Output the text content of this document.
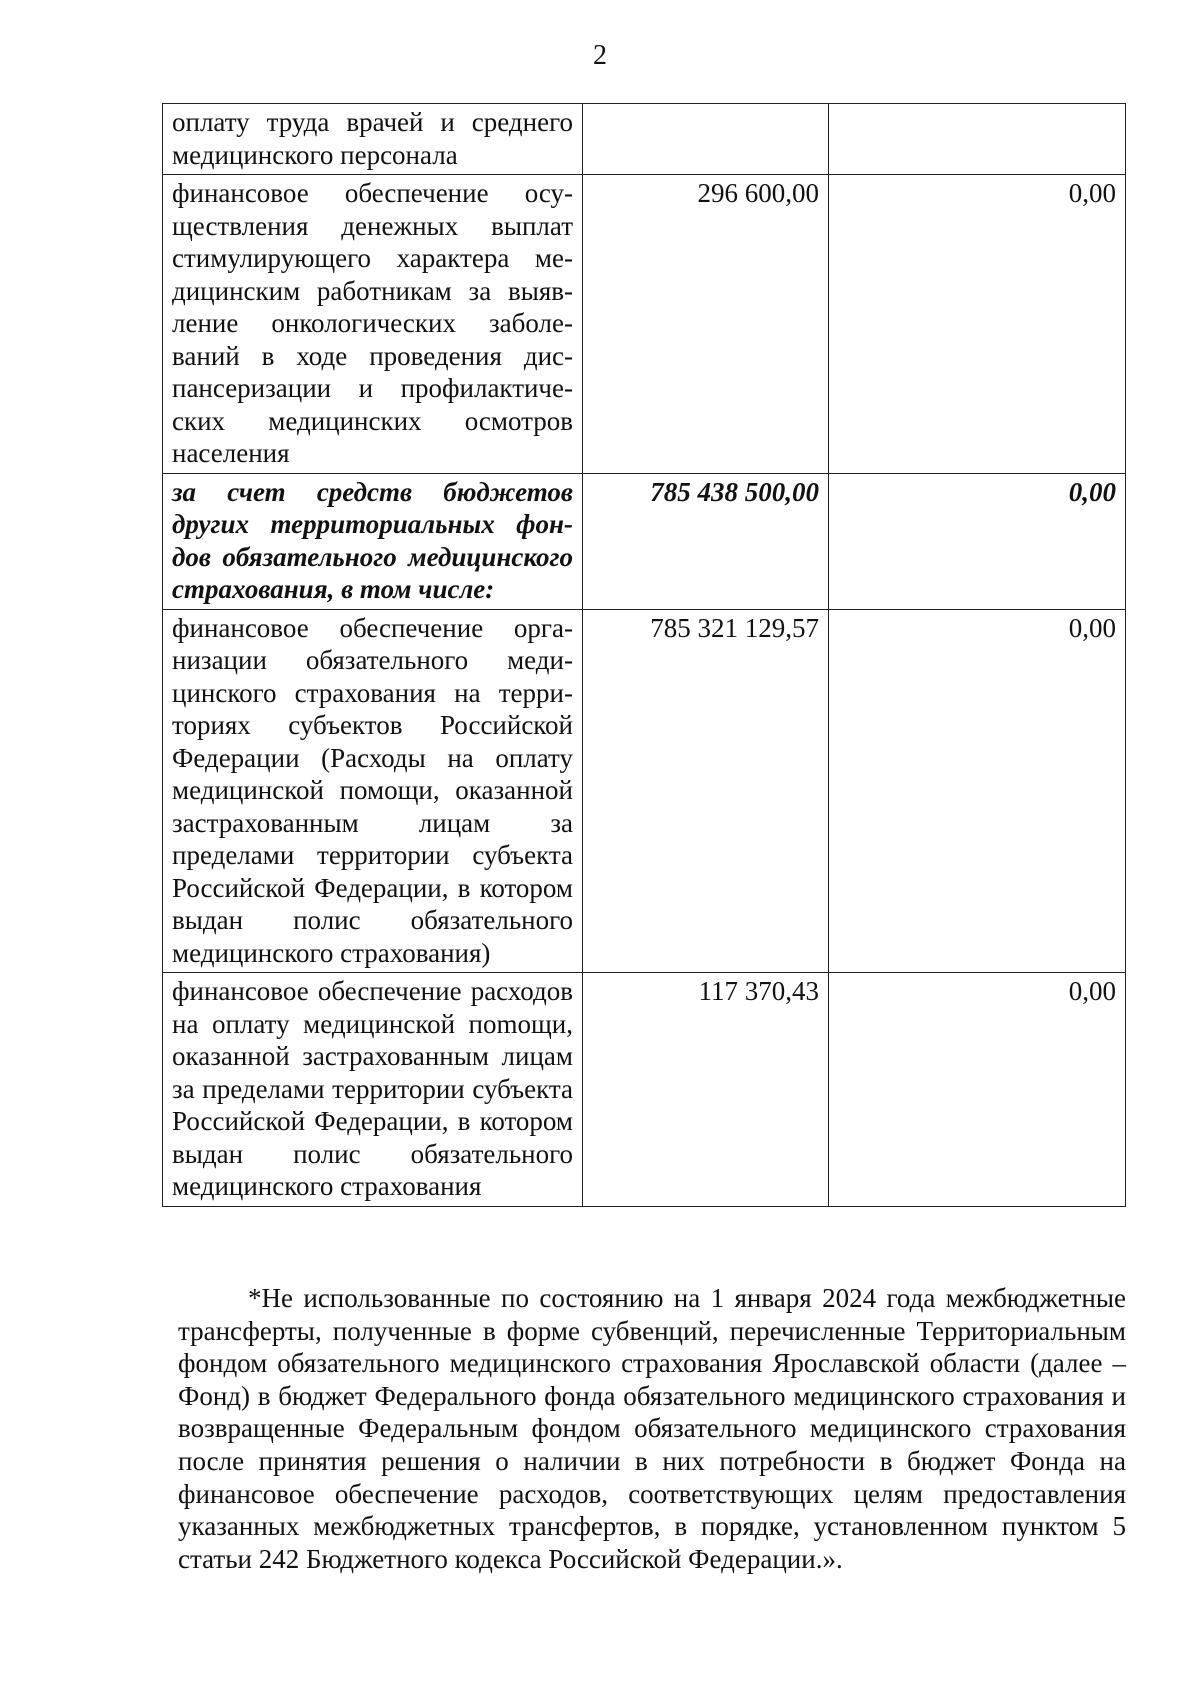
2
оплату труда врачей и среднего медицинского персонала		
финансовое обеспечение осуществления денежных выплат стимулирующего характера медицинским работникам за выявление онкологических заболеваний в ходе проведения диспансеризации и профилактических медицинских осмотров населения	296 600,00	0,00
за счет средств бюджетов других территориальных фондов обязательного медицинского страхования, в том числе:	785 438 500,00	0,00
финансовое обеспечение организации обязательного медицинского страхования на территориях субъектов Российской Федерации (Расходы на оплату медицинской помощи, оказанной застрахованным лицам за пределами территории субъекта Российской Федерации, в котором выдан полис обязательного медицинского страхования)	785 321 129,57	0,00
финансовое обеспечение расходов на оплату медицинской поmощи, оказанной застрахованным лицам за пределами территории субъекта Российской Федерации, в котором выдан полис обязательного медицинского страхования	117 370,43	0,00

*Не использованные по состоянию на 1 января 2024 года межбюджетные трансферты, полученные в форме субвенций, перечисленные Территориальным фондом обязательного медицинского страхования Ярославской области (далее – Фонд) в бюджет Федерального фонда обязательного медицинского страхования и возвращенные Федеральным фондом обязательного медицинского страхования после принятия решения о наличии в них потребности в бюджет Фонда на финансовое обеспечение расходов, соответствующих целям предоставления указанных межбюджетных трансфертов, в порядке, установленном пунктом 5 статьи 242 Бюджетного кодекса Российской Федерации.».
